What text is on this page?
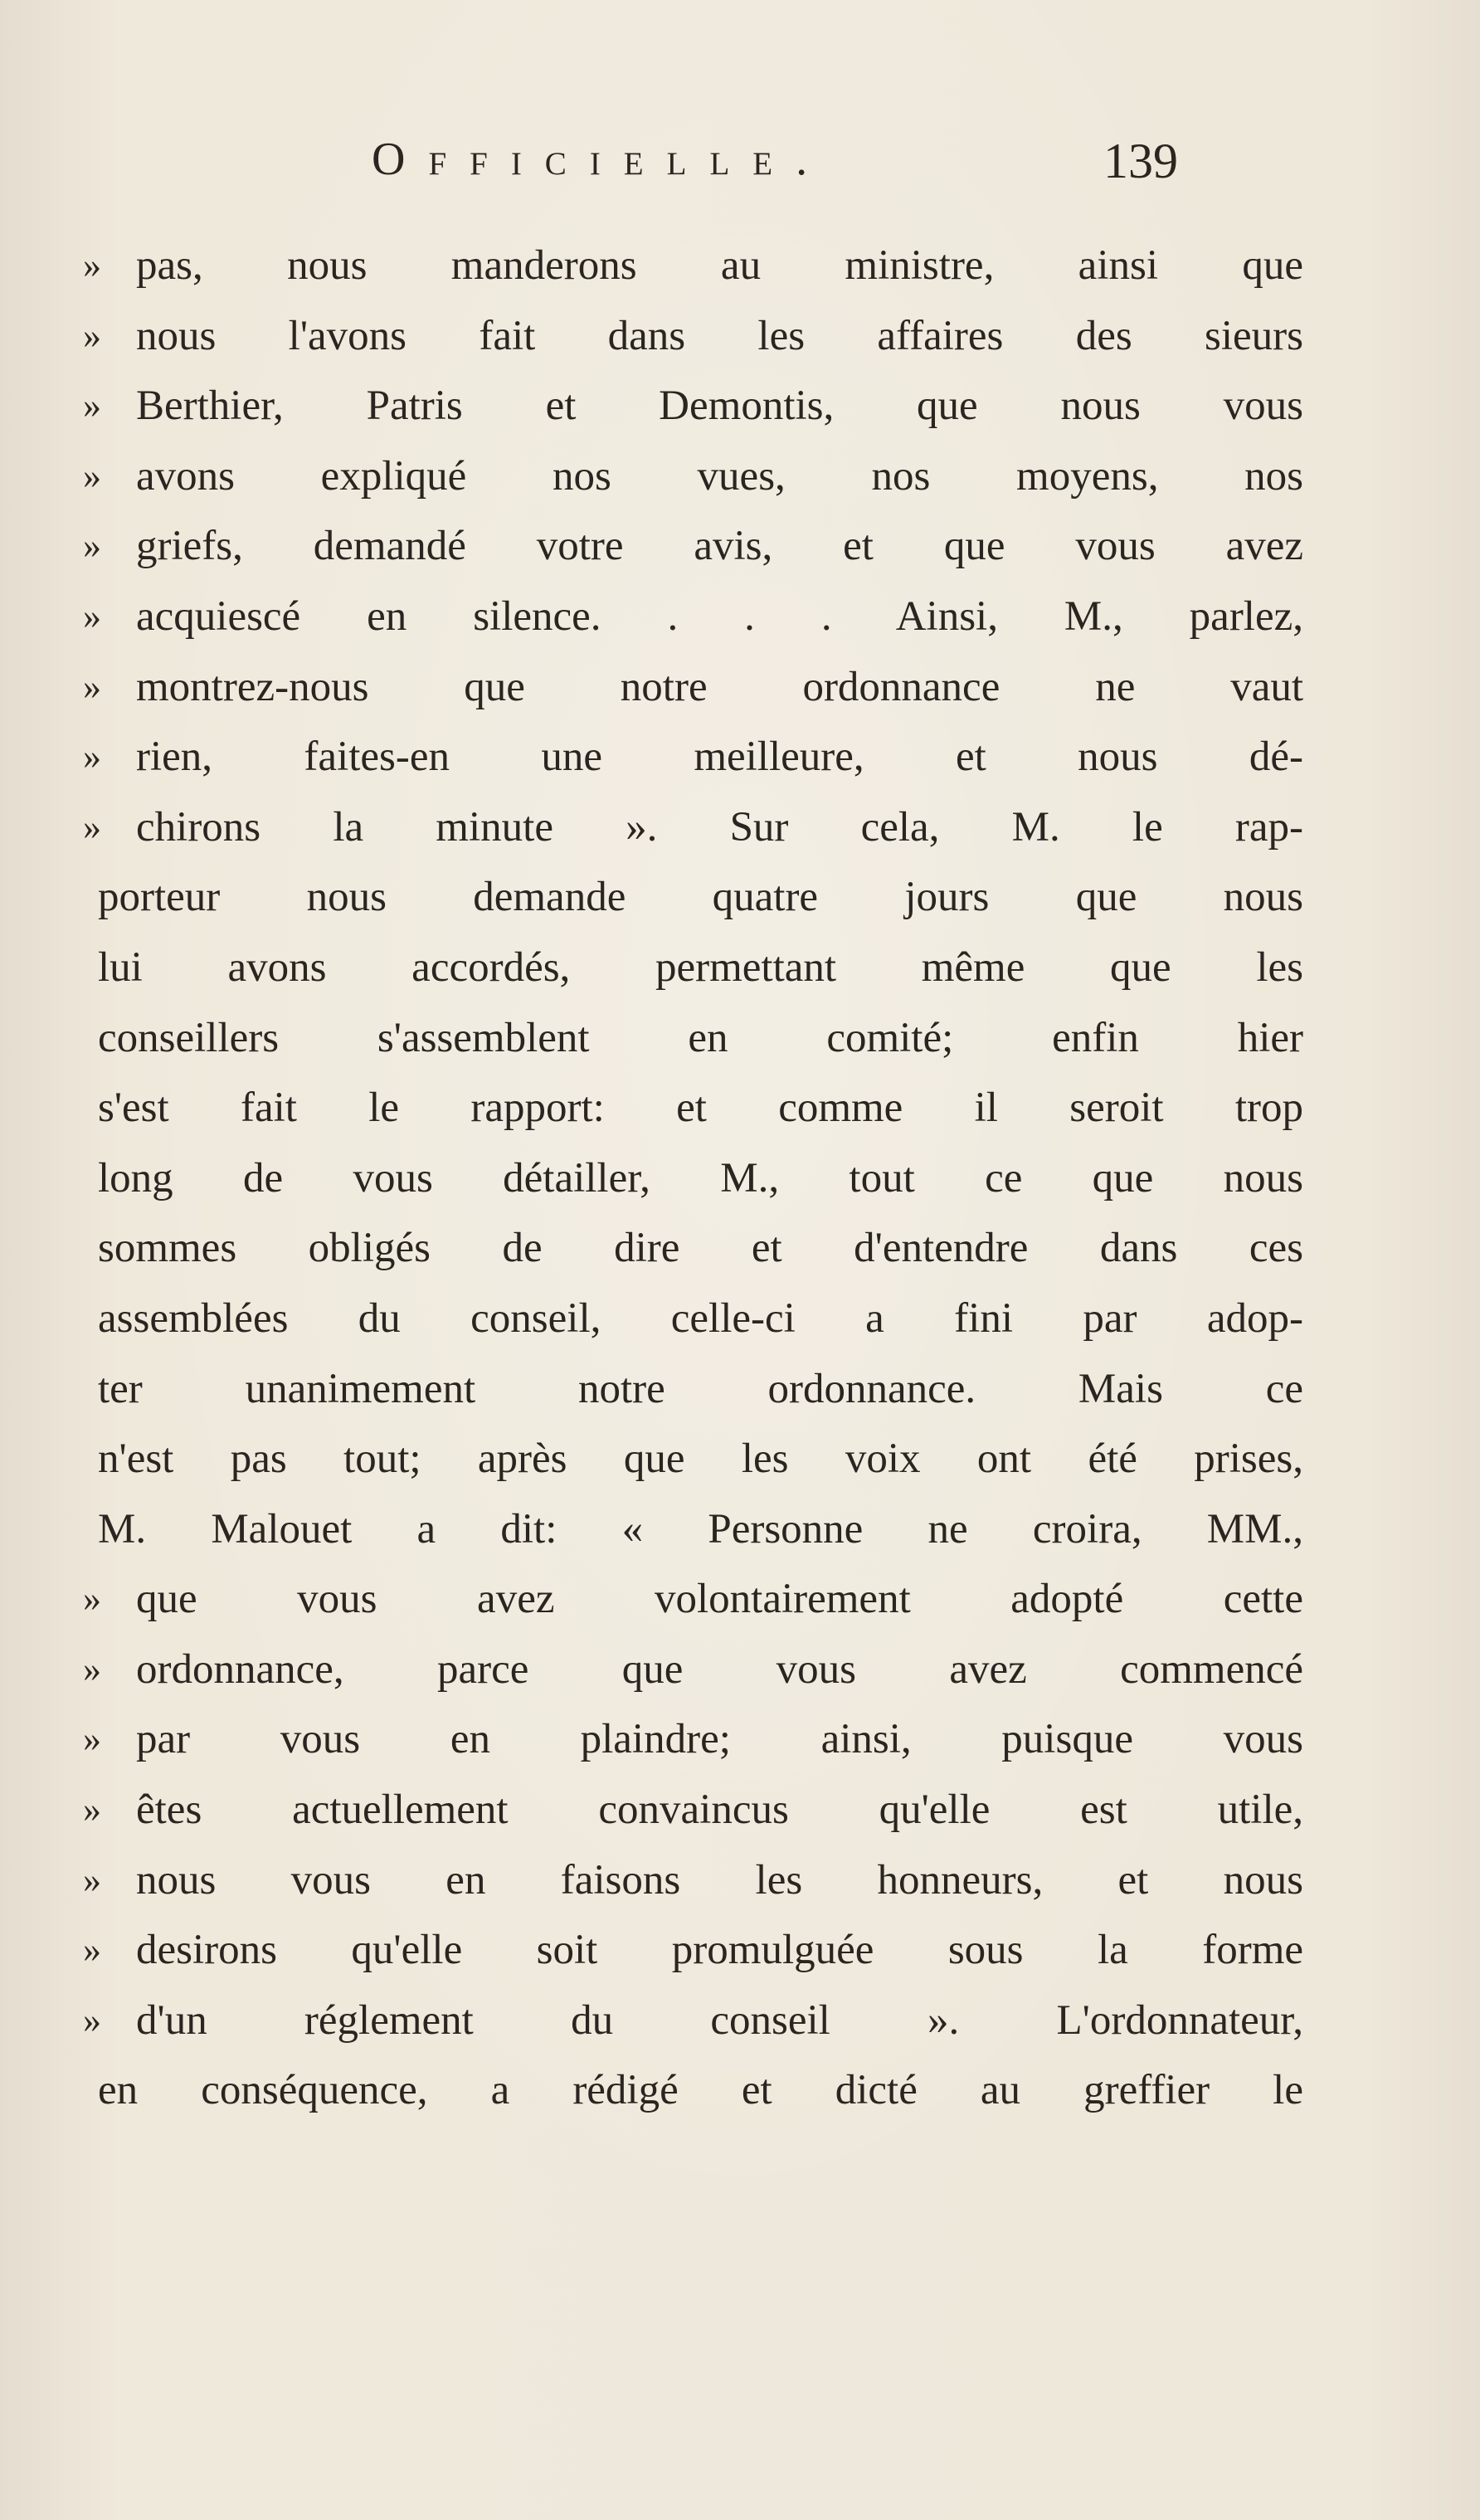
Officielle.	139
» pas, nous manderons au ministre, ainsi que
» nous l'avons fait dans les affaires des sieurs
» Berthier, Patris et Demontis, que nous vous
» avons expliqué nos vues, nos moyens, nos
» griefs, demandé votre avis, et que vous avez
» acquiescé en silence. . . . Ainsi, M., parlez,
» montrez-nous que notre ordonnance ne vaut
» rien, faites-en une meilleure, et nous dé-
» chirons la minute ». Sur cela, M. le rap-
porteur nous demande quatre jours que nous
lui avons accordés, permettant même que les
conseillers s'assemblent en comité; enfin hier
s'est fait le rapport: et comme il seroit trop
long de vous détailler, M., tout ce que nous
sommes obligés de dire et d'entendre dans ces
assemblées du conseil, celle-ci a fini par adop-
ter unanimement notre ordonnance. Mais ce
n'est pas tout; après que les voix ont été prises,
M. Malouet a dit: « Personne ne croira, MM.,
» que vous avez volontairement adopté cette
» ordonnance, parce que vous avez commencé
» par vous en plaindre; ainsi, puisque vous
» êtes actuellement convaincus qu'elle est utile,
» nous vous en faisons les honneurs, et nous
» desirons qu'elle soit promulguée sous la forme
» d'un réglement du conseil ». L'ordonnateur,
en conséquence, a rédigé et dicté au greffier le
